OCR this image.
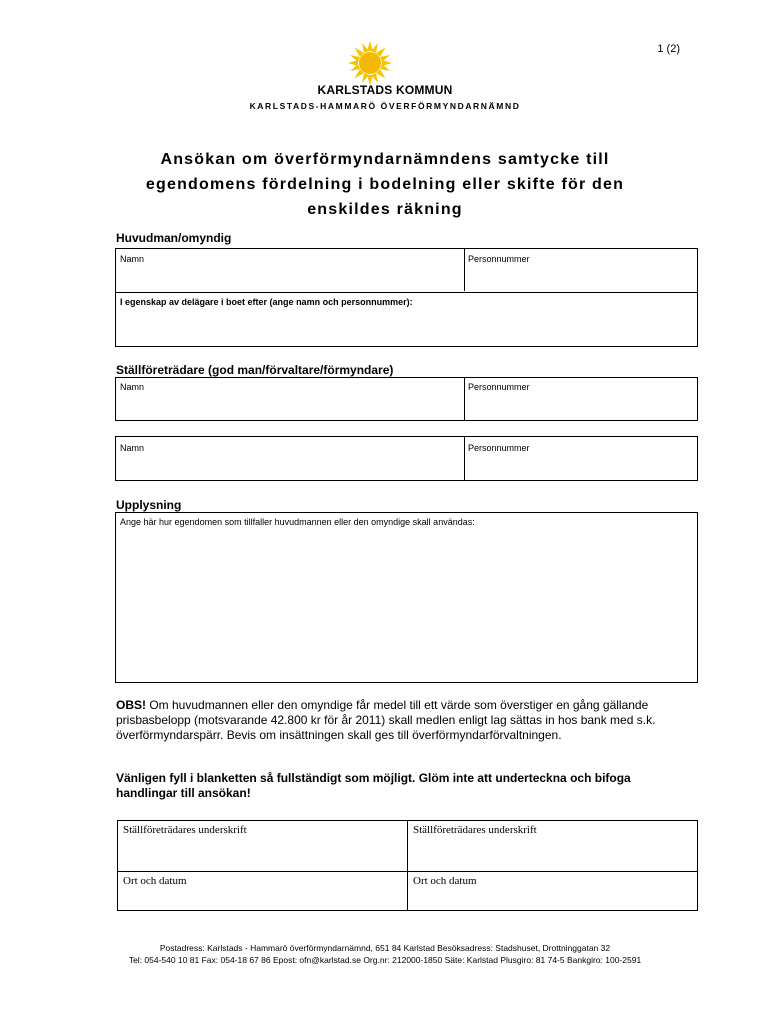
1 (2)
KARLSTADS KOMMUN
KARLSTADS-HAMMARÖ ÖVERFÖRMYNDARNÄMND
Ansökan om överförmyndarnämndens samtycke till
egendomens fördelning i bodelning eller skifte för den
enskildes räkning
Huvudman/omyndig
Namn	Personnummer
I egenskap av delägare i boet efter (ange namn och personnummer):
Ställföreträdare (god man/förvaltare/förmyndare)
Namn	Personnummer
Namn	Personnummer
Upplysning
Ange här hur egendomen som tillfaller huvudmannen eller den omyndige skall användas:
OBS! Om huvudmannen eller den omyndige får medel till ett värde som överstiger en gång gällande prisbasbelopp (motsvarande 42.800 kr för år 2011) skall medlen enligt lag sättas in hos bank med s.k. överförmyndarspärr. Bevis om insättningen skall ges till överförmyndarförvaltningen.
Vänligen fyll i blanketten så fullständigt som möjligt. Glöm inte att underteckna och bifoga handlingar till ansökan!
Ställföreträdares underskrift	Ställföreträdares underskrift
Ort och datum	Ort och datum
Postadress: Karlstads - Hammarö överförmyndarnämnd, 651 84 Karlstad Besöksadress: Stadshuset, Drottninggatan 32
Tel: 054-540 10 81 Fax: 054-18 67 86 Epost: ofn@karlstad.se Org.nr: 212000-1850 Säte: Karlstad Plusgiro: 81 74-5 Bankgiro: 100-2591
